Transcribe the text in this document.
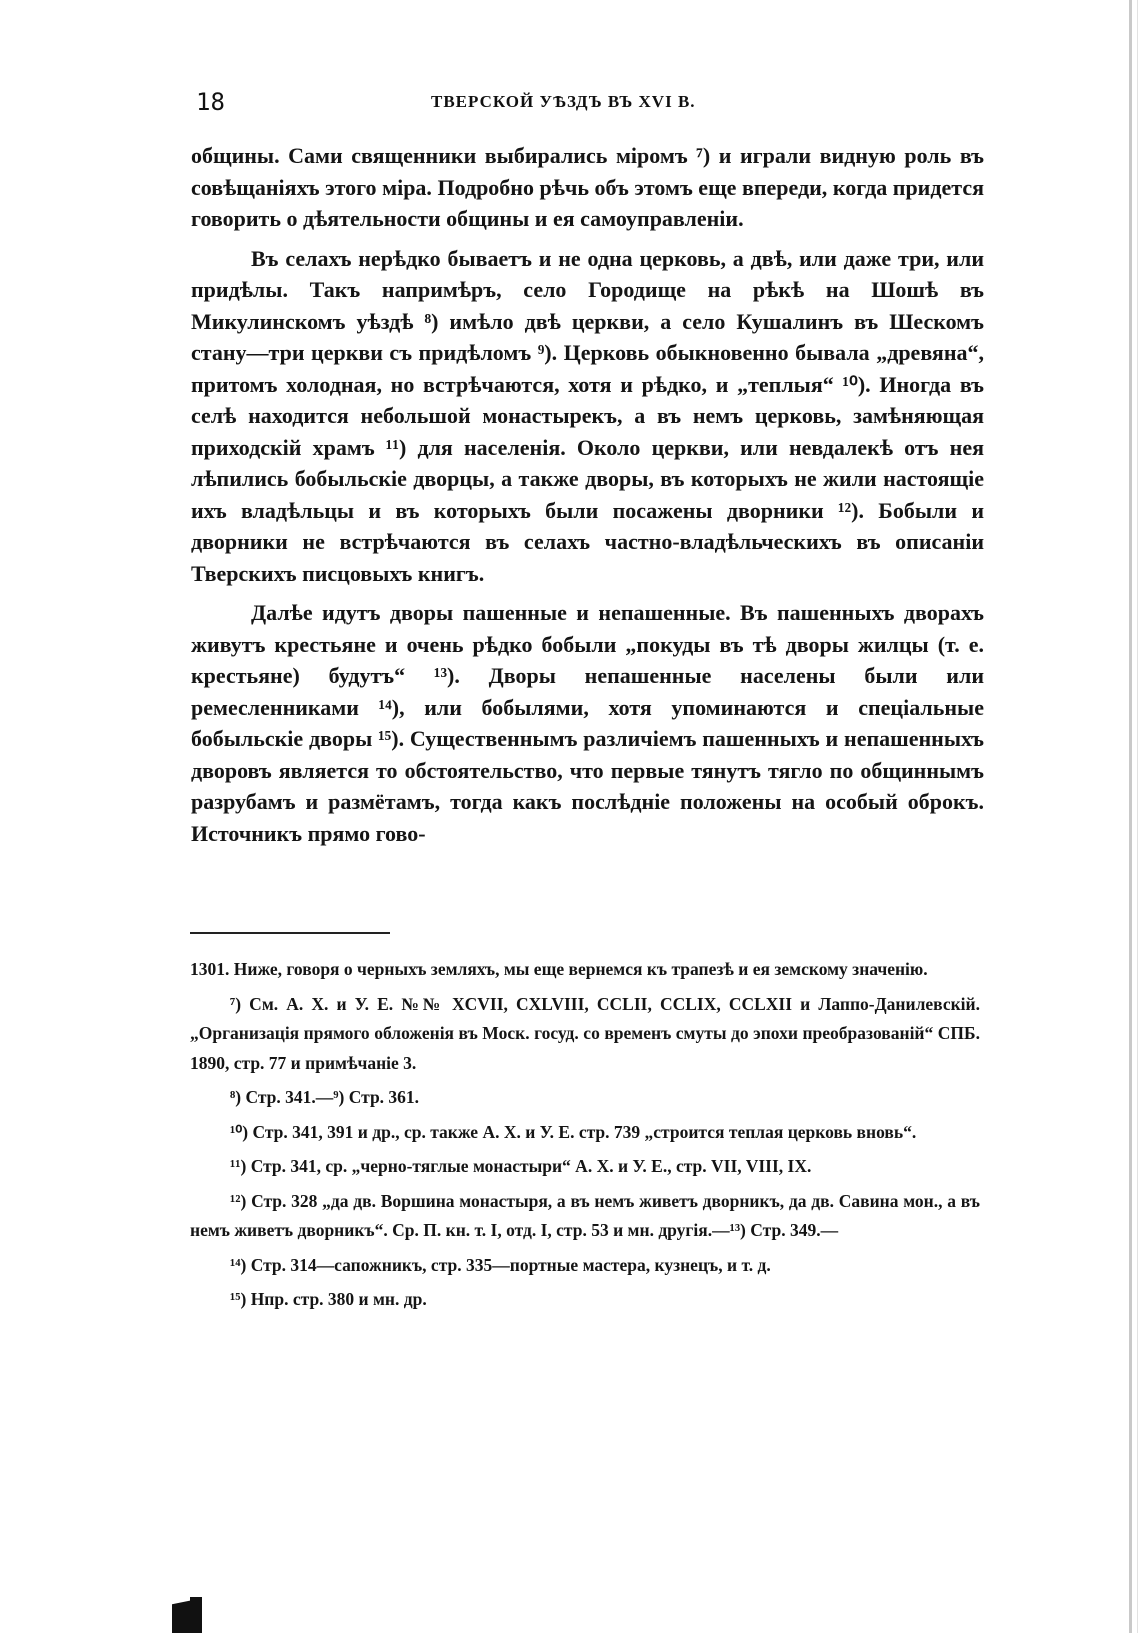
18	ТВЕРСКОЙ УѢЗДЪ ВЪ XVI В.

общины. Сами священники выбирались міромъ ⁷) и играли видную роль въ совѣщаніяхъ этого міра. Подробно рѣчь объ этомъ еще впереди, когда придется говорить о дѣятельности общины и ея самоуправленіи.

Въ селахъ нерѣдко бываетъ и не одна церковь, а двѣ, или даже три, или придѣлы. Такъ напримѣръ, село Городище на рѣкѣ на Шошѣ въ Микулинскомъ уѣздѣ ⁸) имѣло двѣ церкви, а село Кушалинъ въ Шескомъ стану—три церкви съ придѣломъ ⁹). Церковь обыкновенно бывала „древяна“, притомъ холодная, но встрѣчаются, хотя и рѣдко, и „теплыя“ ¹⁰). Иногда въ селѣ находится небольшой монастырекъ, а въ немъ церковь, замѣняющая приходскій храмъ ¹¹) для населенія. Около церкви, или невдалекѣ отъ нея лѣпились бобыльскіе дворцы, а также дворы, въ которыхъ не жили настоящіе ихъ владѣльцы и въ которыхъ были посажены дворники ¹²). Бобыли и дворники не встрѣчаются въ селахъ частно-владѣльческихъ въ описаніи Тверскихъ писцовыхъ книгъ.

Далѣе идутъ дворы пашенные и непашенные. Въ пашенныхъ дворахъ живутъ крестьяне и очень рѣдко бобыли „покуды въ тѣ дворы жилцы (т. е. крестьяне) будутъ“ ¹³). Дворы непашенные населены были или ремесленниками ¹⁴), или бобылями, хотя упоминаются и спеціальные бобыльскіе дворы ¹⁵). Существеннымъ различіемъ пашенныхъ и непашенныхъ дворовъ является то обстоятельство, что первые тянутъ тягло по общиннымъ разрубамъ и размётамъ, тогда какъ послѣдніе положены на особый оброкъ. Источникъ прямо гово-

1301. Ниже, говоря о черныхъ земляхъ, мы еще вернемся къ трапезѣ и ея земскому значенію.

⁷) См. А. Х. и У. Е. №№ XCVII, CXLVIII, CCLII, CCLIX, CCLXII и Лаппо-Данилевскій. „Организація прямого обложенія въ Моск. госуд. со временъ смуты до эпохи преобразованій“ СПБ. 1890, стр. 77 и примѣчаніе 3.

⁸) Стр. 341.—⁹) Стр. 361.

¹⁰) Стр. 341, 391 и др., ср. также А. Х. и У. Е. стр. 739 „строится теплая церковь вновь“.

¹¹) Стр. 341, ср. „черно-тяглые монастыри“ А. Х. и У. Е., стр. VII, VIII, IX.

¹²) Стр. 328 „да дв. Воршина монастыря, а въ немъ живетъ дворникъ, да дв. Савина мон., а въ немъ живетъ дворникъ“. Ср. П. кн. т. I, отд. I, стр. 53 и мн. другія.—¹³) Стр. 349.—

¹⁴) Стр. 314—сапожникъ, стр. 335—портные мастера, кузнецъ, и т. д.

¹⁵) Нпр. стр. 380 и мн. др.
